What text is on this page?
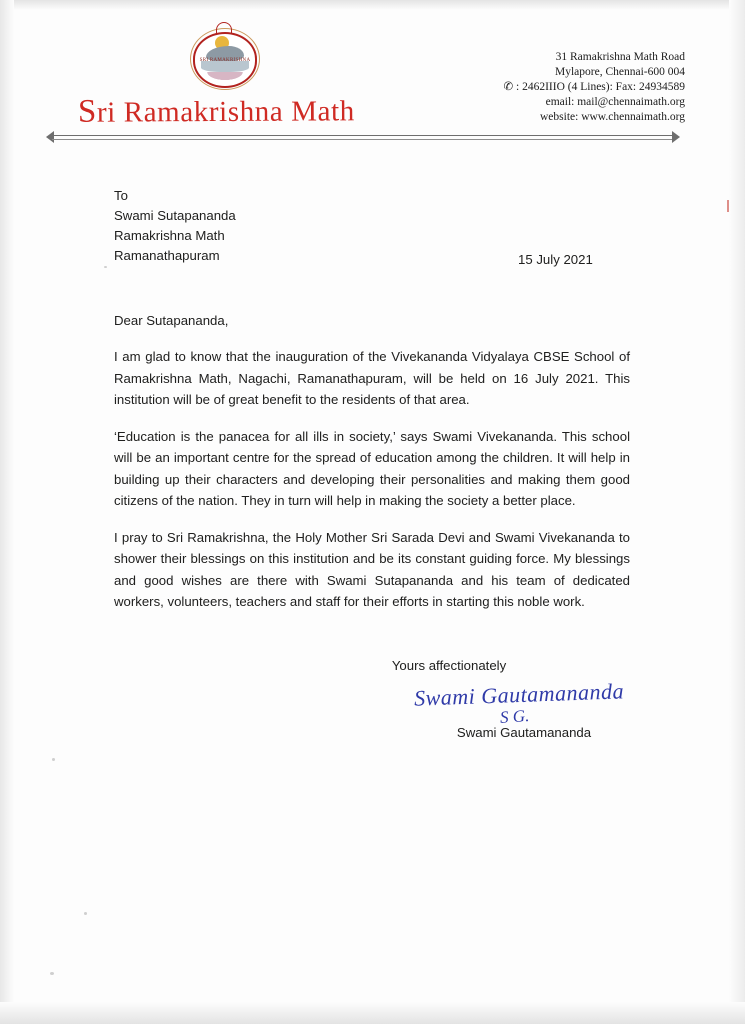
SRI RAMAKRISHNA
Sri Ramakrishna Math
31 Ramakrishna Math Road
Mylapore, Chennai-600 004
✆ : 2462IIIO (4 Lines): Fax: 24934589
email: mail@chennaimath.org
website: www.chennaimath.org
To
Swami Sutapananda
Ramakrishna Math
Ramanathapuram	15 July 2021
Dear Sutapananda,
I am glad to know that the inauguration of the Vivekananda Vidyalaya CBSE School of Ramakrishna Math, Nagachi, Ramanathapuram, will be held on 16 July 2021. This institution will be of great benefit to the residents of that area.
‘Education is the panacea for all ills in society,’ says Swami Vivekananda. This school will be an important centre for the spread of education among the children. It will help in building up their characters and developing their personalities and making them good citizens of the nation. They in turn will help in making the society a better place.
I pray to Sri Ramakrishna, the Holy Mother Sri Sarada Devi and Swami Vivekananda to shower their blessings on this institution and be its constant guiding force. My blessings and good wishes are there with Swami Sutapananda and his team of dedicated workers, volunteers, teachers and staff for their efforts in starting this noble work.
Yours affectionately
Swami Gautamananda
S G.
Swami Gautamananda
